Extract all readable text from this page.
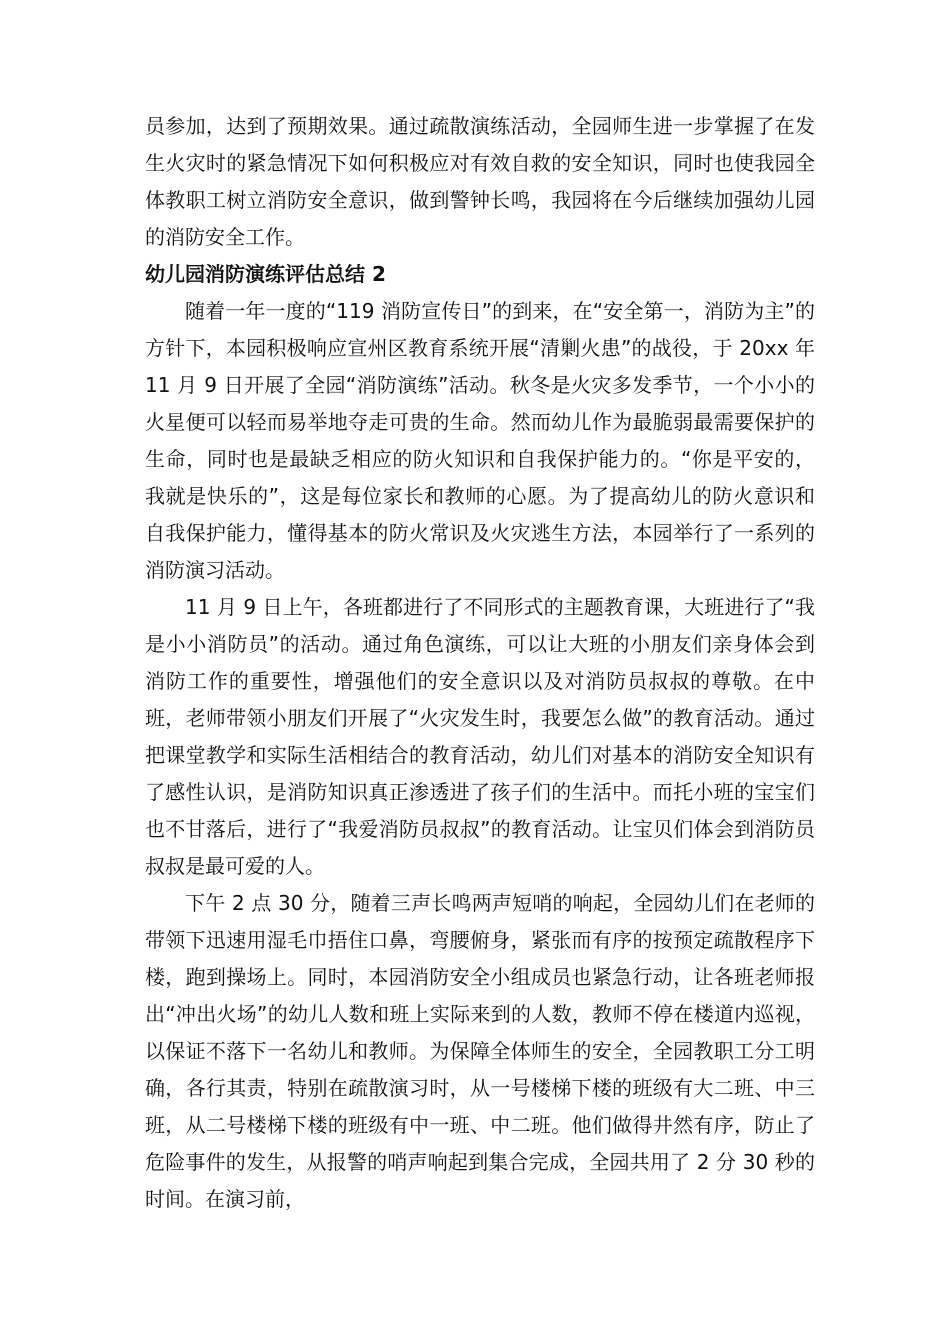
员参加，达到了预期效果。通过疏散演练活动，全园师生进一步掌握了在发生火灾时的紧急情况下如何积极应对有效自救的安全知识，同时也使我园全体教职工树立消防安全意识，做到警钟长鸣，我园将在今后继续加强幼儿园的消防安全工作。

幼儿园消防演练评估总结 2

随着一年一度的“119 消防宣传日”的到来，在“安全第一，消防为主”的方针下，本园积极响应宣州区教育系统开展“清剿火患”的战役，于 20xx 年 11 月 9 日开展了全园“消防演练”活动。秋冬是火灾多发季节，一个小小的火星便可以轻而易举地夺走可贵的生命。然而幼儿作为最脆弱最需要保护的生命，同时也是最缺乏相应的防火知识和自我保护能力的。“你是平安的，我就是快乐的”，这是每位家长和教师的心愿。为了提高幼儿的防火意识和自我保护能力，懂得基本的防火常识及火灾逃生方法，本园举行了一系列的消防演习活动。

11 月 9 日上午，各班都进行了不同形式的主题教育课，大班进行了“我是小小消防员”的活动。通过角色演练，可以让大班的小朋友们亲身体会到消防工作的重要性，增强他们的安全意识以及对消防员叔叔的尊敬。在中班，老师带领小朋友们开展了“火灾发生时，我要怎么做”的教育活动。通过把课堂教学和实际生活相结合的教育活动，幼儿们对基本的消防安全知识有了感性认识，是消防知识真正渗透进了孩子们的生活中。而托小班的宝宝们也不甘落后，进行了“我爱消防员叔叔”的教育活动。让宝贝们体会到消防员叔叔是最可爱的人。

下午 2 点 30 分，随着三声长鸣两声短哨的响起，全园幼儿们在老师的带领下迅速用湿毛巾捂住口鼻，弯腰俯身，紧张而有序的按预定疏散程序下楼，跑到操场上。同时，本园消防安全小组成员也紧急行动，让各班老师报出“冲出火场”的幼儿人数和班上实际来到的人数，教师不停在楼道内巡视，以保证不落下一名幼儿和教师。为保障全体师生的安全，全园教职工分工明确，各行其责，特别在疏散演习时，从一号楼梯下楼的班级有大二班、中三班，从二号楼梯下楼的班级有中一班、中二班。他们做得井然有序，防止了危险事件的发生，从报警的哨声响起到集合完成，全园共用了 2 分 30 秒的时间。在演习前，
